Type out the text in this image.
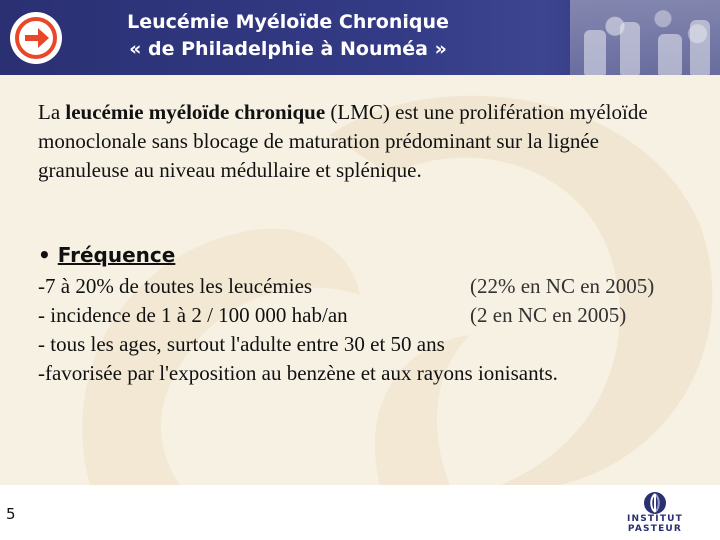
Leucémie Myéloïde Chronique
« de Philadelphie à Nouméa »
La leucémie myéloïde chronique (LMC) est une prolifération myéloïde monoclonale sans blocage de maturation prédominant sur la lignée granuleuse au niveau médullaire et splénique.
• Fréquence
-7 à 20% de toutes les leucémies	(22% en NC en 2005)
- incidence de 1 à 2 / 100 000 hab/an	(2 en NC en 2005)
- tous les ages, surtout l'adulte entre 30 et 50 ans
-favorisée par l'exposition au benzène et aux rayons ionisants.
5	INSTITUT PASTEUR
